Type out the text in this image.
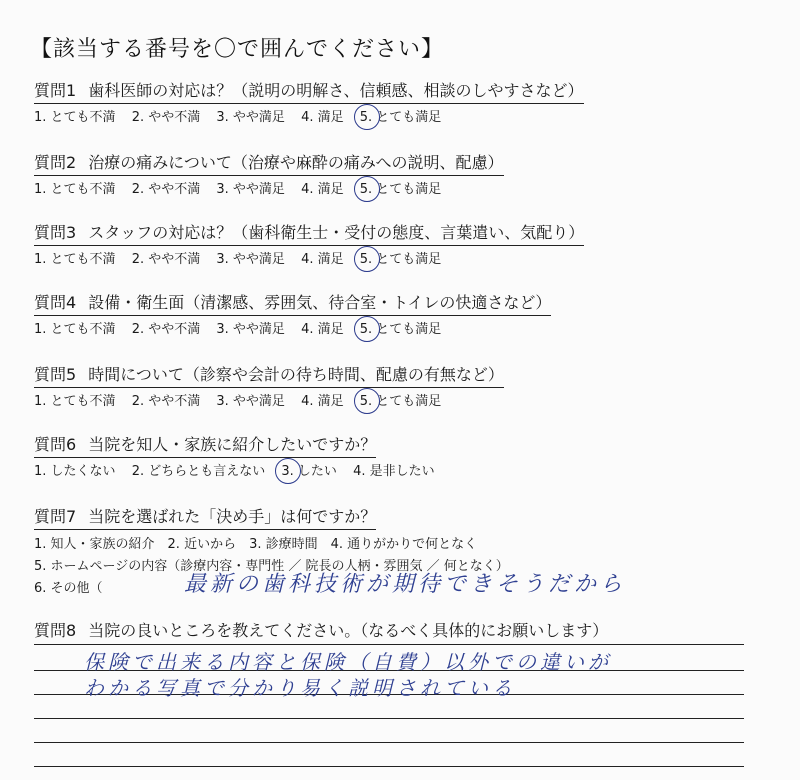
【該当する番号を〇で囲んでください】
質問1 歯科医師の対応は？（説明の明解さ、信頼感、相談のしやすさなど）
1. とても不満 2. やや不満 3. やや満足 4. 満足 5. とても満足
質問2 治療の痛みについて（治療や麻酔の痛みへの説明、配慮）
1. とても不満 2. やや不満 3. やや満足 4. 満足 5. とても満足
質問3 スタッフの対応は？（歯科衛生士・受付の態度、言葉遣い、気配り）
1. とても不満 2. やや不満 3. やや満足 4. 満足 5. とても満足
質問4 設備・衛生面（清潔感、雰囲気、待合室・トイレの快適さなど）
1. とても不満 2. やや不満 3. やや満足 4. 満足 5. とても満足
質問5 時間について（診察や会計の待ち時間、配慮の有無など）
1. とても不満 2. やや不満 3. やや満足 4. 満足 5. とても満足
質問6 当院を知人・家族に紹介したいですか？
1. したくない 2. どちらとも言えない 3. したい 4. 是非したい
質問7 当院を選ばれた「決め手」は何ですか？
1. 知人・家族の紹介　2. 近いから　3. 診療時間　4. 通りがかりで何となく
5. ホームページの内容（診療内容・専門性 ／ 院長の人柄・雰囲気 ／ 何となく）
6. その他（	最新の歯科技術が期待できそうだから
質問8 当院の良いところを教えてください。（なるべく具体的にお願いします）
保険で出来る内容と保険（自費）以外での違いが
わかる写真で分かり易く説明されている
